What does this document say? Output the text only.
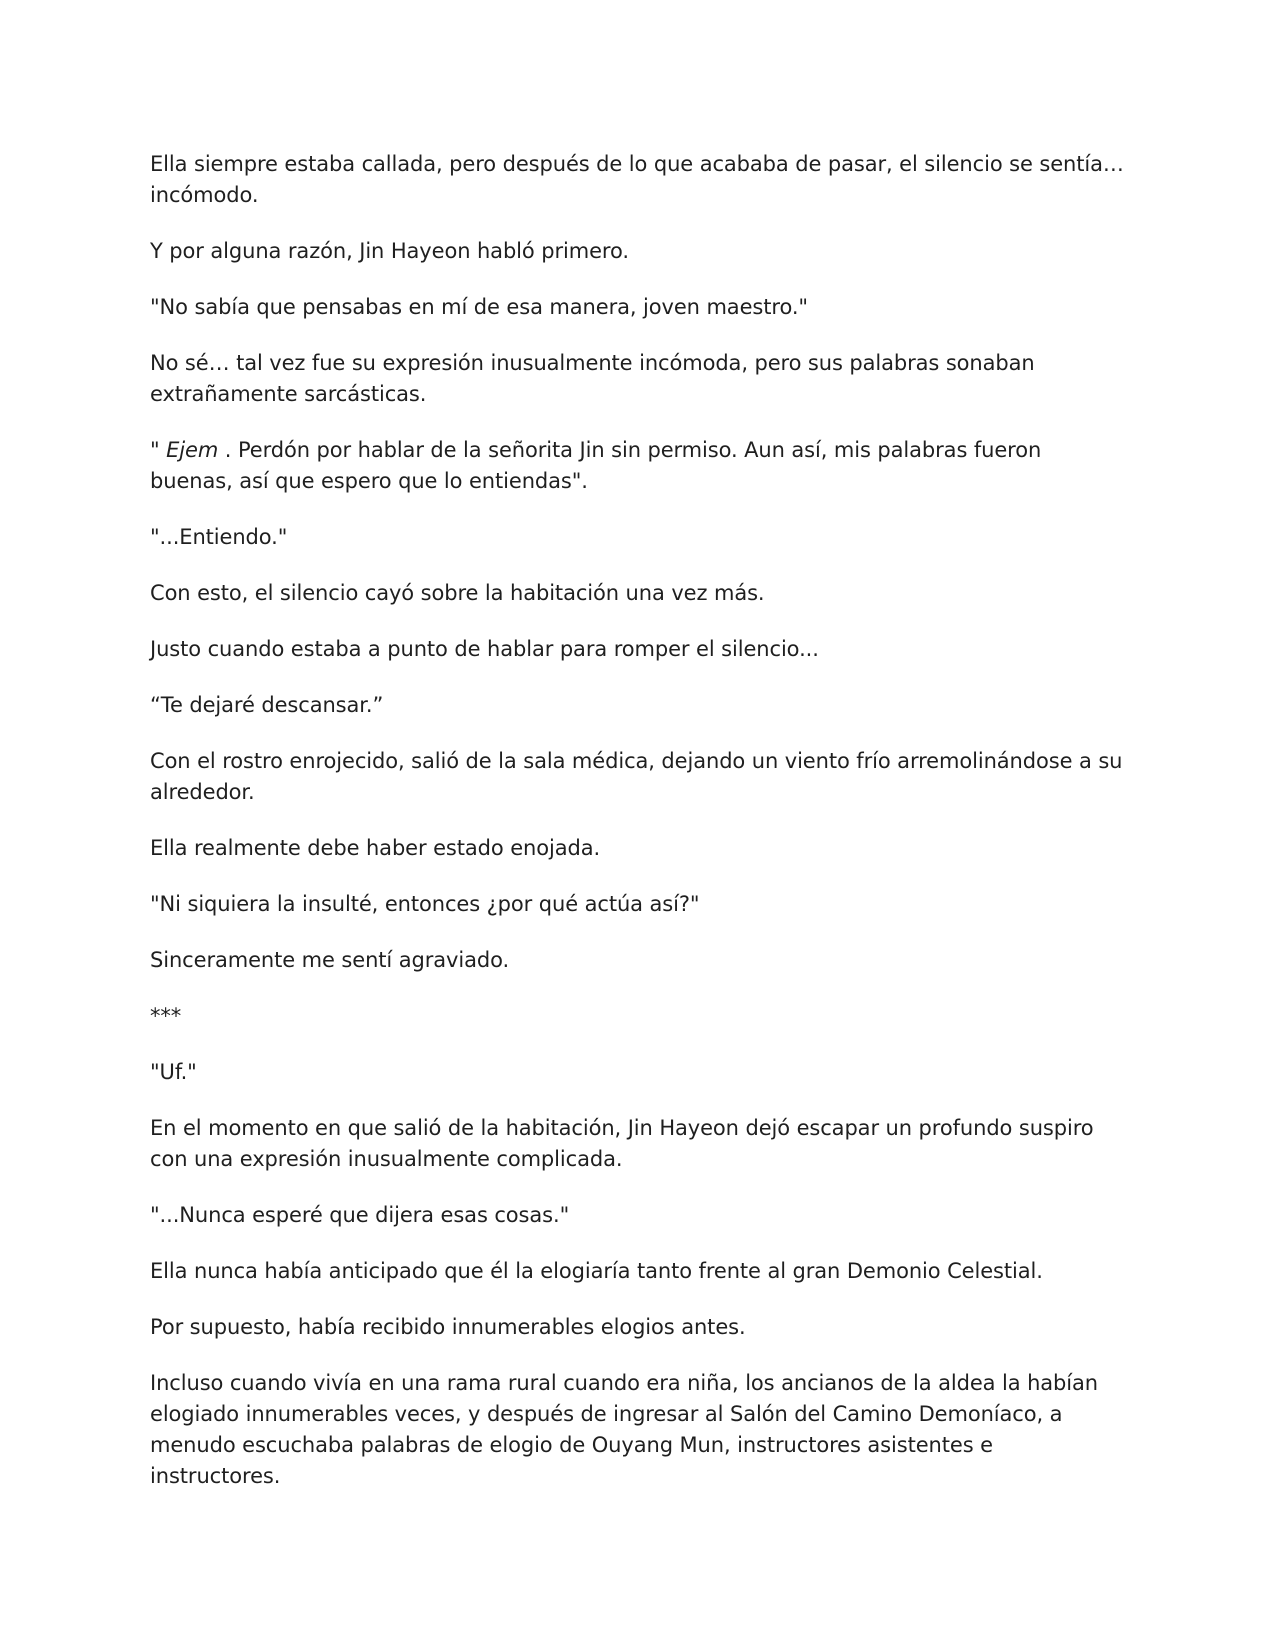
Ella siempre estaba callada, pero después de lo que acababa de pasar, el silencio se sentía… incómodo.

Y por alguna razón, Jin Hayeon habló primero.

"No sabía que pensabas en mí de esa manera, joven maestro."

No sé… tal vez fue su expresión inusualmente incómoda, pero sus palabras sonaban extrañamente sarcásticas.

" Ejem . Perdón por hablar de la señorita Jin sin permiso. Aun así, mis palabras fueron buenas, así que espero que lo entiendas".

"...Entiendo."

Con esto, el silencio cayó sobre la habitación una vez más.

Justo cuando estaba a punto de hablar para romper el silencio...

“Te dejaré descansar.”

Con el rostro enrojecido, salió de la sala médica, dejando un viento frío arremolinándose a su alrededor.

Ella realmente debe haber estado enojada.

"Ni siquiera la insulté, entonces ¿por qué actúa así?"

Sinceramente me sentí agraviado.

***

"Uf."

En el momento en que salió de la habitación, Jin Hayeon dejó escapar un profundo suspiro con una expresión inusualmente complicada.

"...Nunca esperé que dijera esas cosas."

Ella nunca había anticipado que él la elogiaría tanto frente al gran Demonio Celestial.

Por supuesto, había recibido innumerables elogios antes.

Incluso cuando vivía en una rama rural cuando era niña, los ancianos de la aldea la habían elogiado innumerables veces, y después de ingresar al Salón del Camino Demoníaco, a menudo escuchaba palabras de elogio de Ouyang Mun, instructores asistentes e instructores.
